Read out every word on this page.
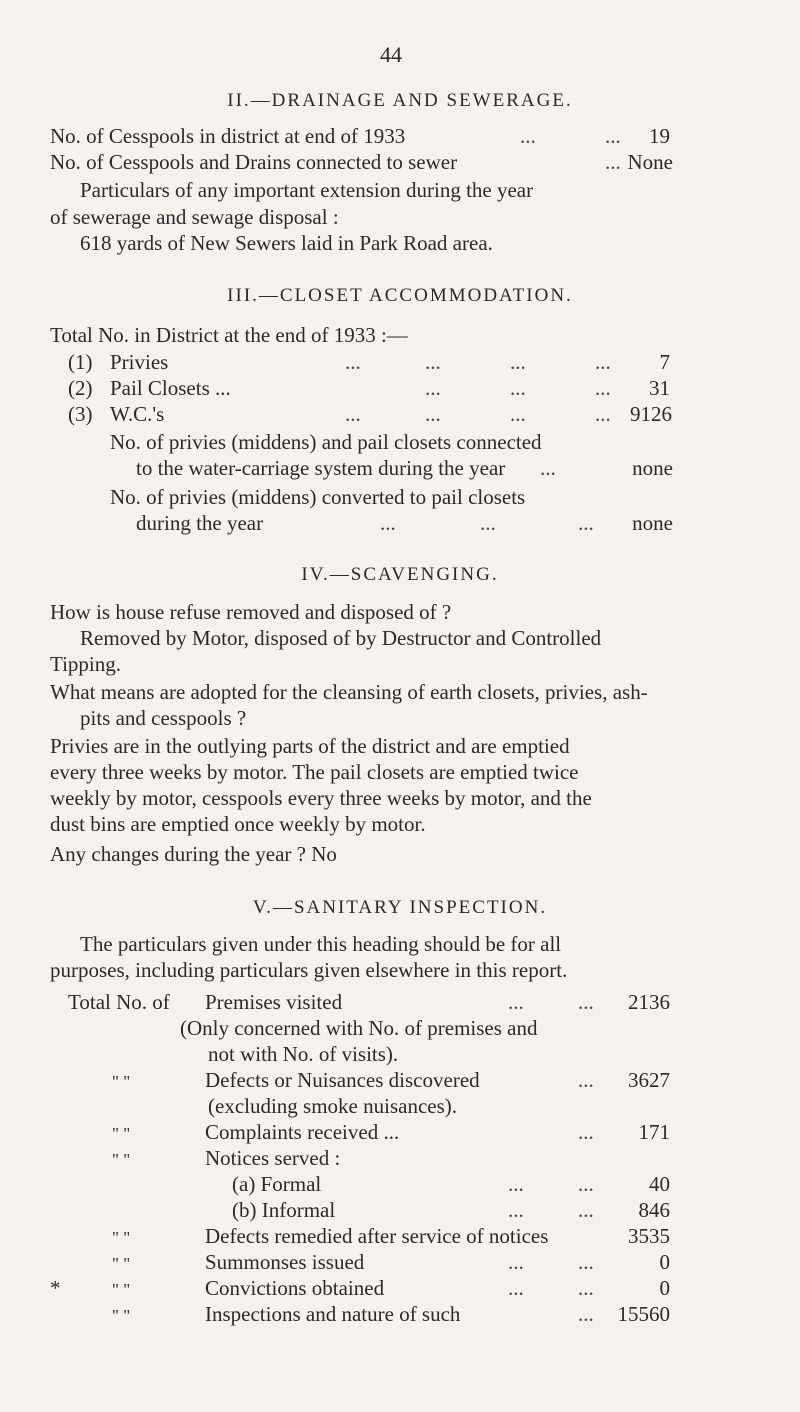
44
II.—DRAINAGE AND SEWERAGE.
No. of Cesspools in district at end of 1933	...	... 19
No. of Cesspools and Drains connected to sewer	... None
Particulars of any important extension during the year
of sewerage and sewage disposal :
618 yards of New Sewers laid in Park Road area.
III.—CLOSET ACCOMMODATION.
Total No. in District at the end of 1933 :—
(1) Privies	...	...	...	... 7
(2) Pail Closets ...	...	...	... 31
(3) W.C.'s	...	...	...	... 9126
No. of privies (middens) and pail closets connected
to the water-carriage system during the year ...	none
No. of privies (middens) converted to pail closets
during the year	...	...	... none
IV.—SCAVENGING.
How is house refuse removed and disposed of ?
Removed by Motor, disposed of by Destructor and Controlled
Tipping.
What means are adopted for the cleansing of earth closets, privies, ash-
pits and cesspools ?
Privies are in the outlying parts of the district and are emptied
every three weeks by motor. The pail closets are emptied twice
weekly by motor, cesspools every three weeks by motor, and the
dust bins are emptied once weekly by motor.
Any changes during the year ? No
V.—SANITARY INSPECTION.
The particulars given under this heading should be for all
purposes, including particulars given elsewhere in this report.
Total No. of Premises visited	...	... 2136
(Only concerned with No. of premises and
not with No. of visits).
" "	Defects or Nuisances discovered	... 3627
(excluding smoke nuisances).
" "	Complaints received ...	... 171
" "	Notices served :
(a) Formal	...	...	40
(b) Informal	...	... 846
" "	Defects remedied after service of notices	3535
" "	Summonses issued	...	...	0
*	" "	Convictions obtained	...	...	0
" "	Inspections and nature of such	... 15560
